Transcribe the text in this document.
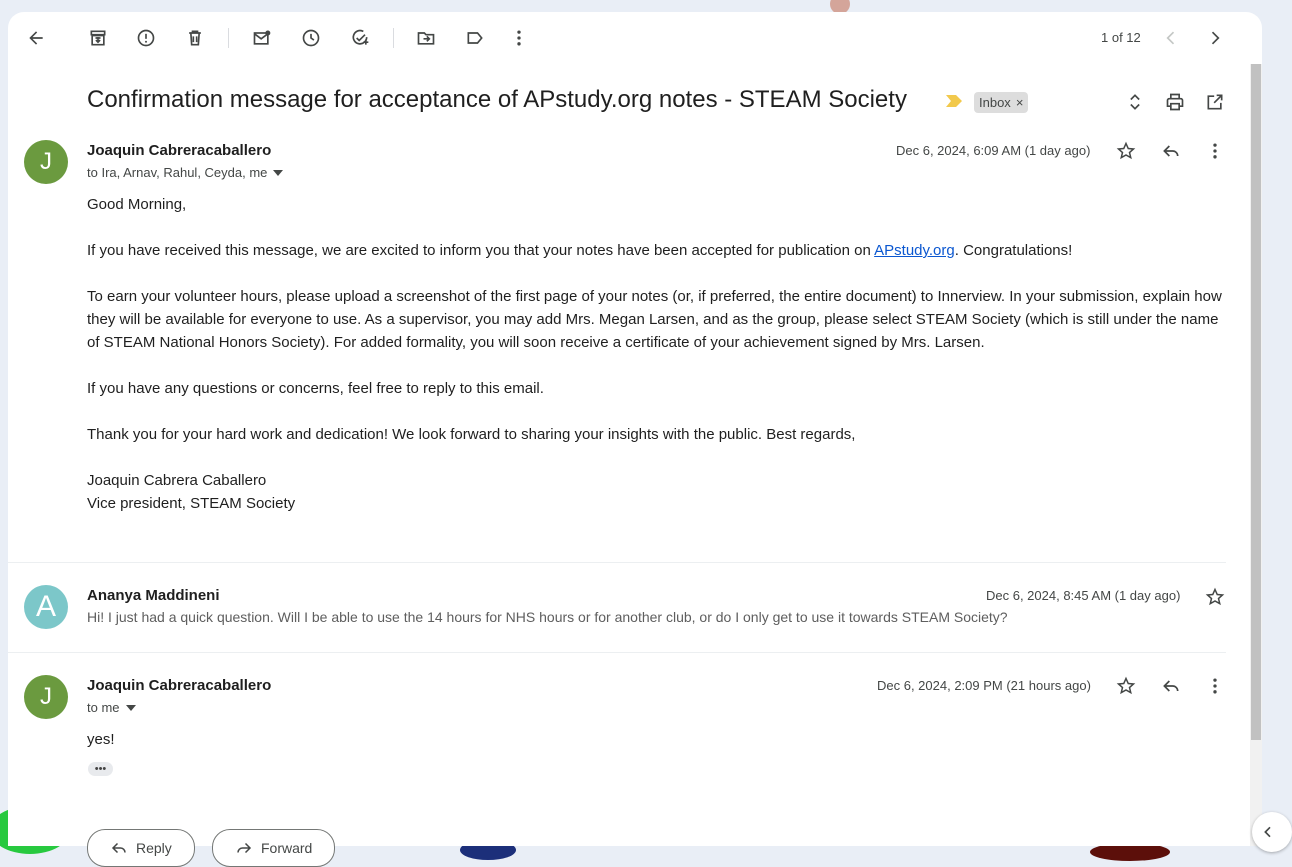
1 of 12
Confirmation message for acceptance of APstudy.org notes - STEAM Society	Inbox ×
J	Joaquin Cabreracaballero
to Ira, Arnav, Rahul, Ceyda, me
Dec 6, 2024, 6:09 AM (1 day ago)

Good Morning,

If you have received this message, we are excited to inform you that your notes have been accepted for publication on APstudy.org. Congratulations!

To earn your volunteer hours, please upload a screenshot of the first page of your notes (or, if preferred, the entire document) to Innerview. In your submission, explain how they will be available for everyone to use. As a supervisor, you may add Mrs. Megan Larsen, and as the group, please select STEAM Society (which is still under the name of STEAM National Honors Society). For added formality, you will soon receive a certificate of your achievement signed by Mrs. Larsen.

If you have any questions or concerns, feel free to reply to this email.

Thank you for your hard work and dedication! We look forward to sharing your insights with the public. Best regards,

Joaquin Cabrera Caballero

Vice president, STEAM Society

A	Ananya Maddineni	Dec 6, 2024, 8:45 AM (1 day ago)
Hi! I just had a quick question. Will I be able to use the 14 hours for NHS hours or for another club, or do I only get to use it towards STEAM Society?
J	Joaquin Cabreracaballero
to me
Dec 6, 2024, 2:09 PM (21 hours ago)

yes!

•••
Reply	Forward
